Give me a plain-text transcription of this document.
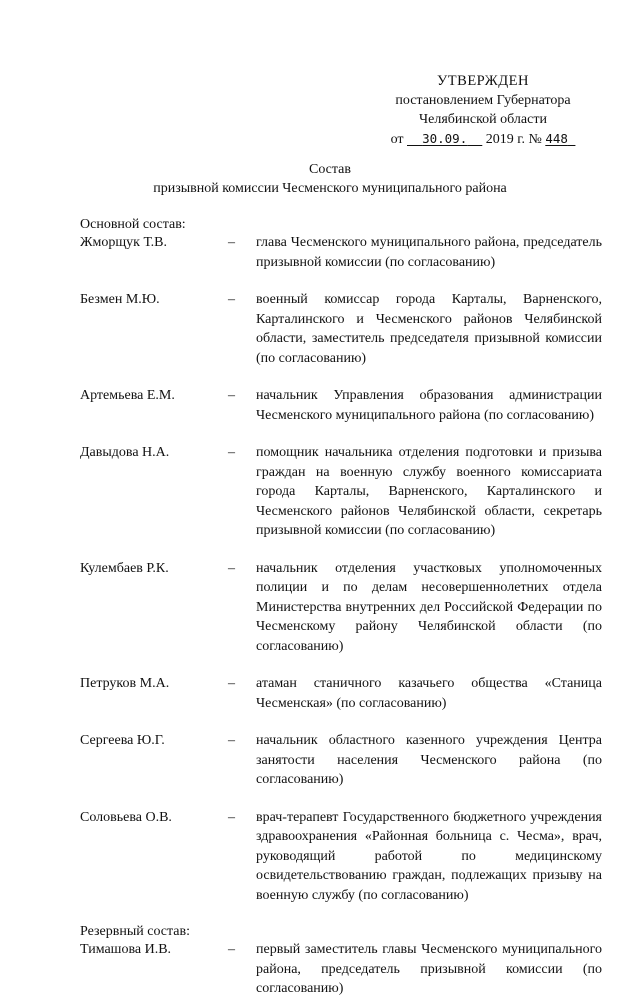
УТВЕРЖДЕН
постановлением Губернатора
Челябинской области
от 30.09. 2019 г. № 448
Состав
призывной комиссии Чесменского муниципального района
Основной состав:
Жморщук Т.В.	–	глава Чесменского муниципального района, председатель призывной комиссии (по согласованию)
Безмен М.Ю.	–	военный комиссар города Карталы, Варненского, Карталинского и Чесменского районов Челябинской области, заместитель председателя призывной комиссии (по согласованию)
Артемьева Е.М.	–	начальник Управления образования администрации Чесменского муниципального района (по согласованию)
Давыдова Н.А.	–	помощник начальника отделения подготовки и призыва граждан на военную службу военного комиссариата города Карталы, Варненского, Карталинского и Чесменского районов Челябинской области, секретарь призывной комиссии (по согласованию)
Кулембаев Р.К.	–	начальник отделения участковых уполномоченных полиции и по делам несовершеннолетних отдела Министерства внутренних дел Российской Федерации по Чесменскому району Челябинской области (по согласованию)
Петруков М.А.	–	атаман станичного казачьего общества «Станица Чесменская» (по согласованию)
Сергеева Ю.Г.	–	начальник областного казенного учреждения Центра занятости населения Чесменского района (по согласованию)
Соловьева О.В.	–	врач-терапевт Государственного бюджетного учреждения здравоохранения «Районная больница с. Чесма», врач, руководящий работой по медицинскому освидетельствованию граждан, подлежащих призыву на военную службу (по согласованию)
Резервный состав:
Тимашова И.В.	–	первый заместитель главы Чесменского муниципального района, председатель призывной комиссии (по согласованию)
